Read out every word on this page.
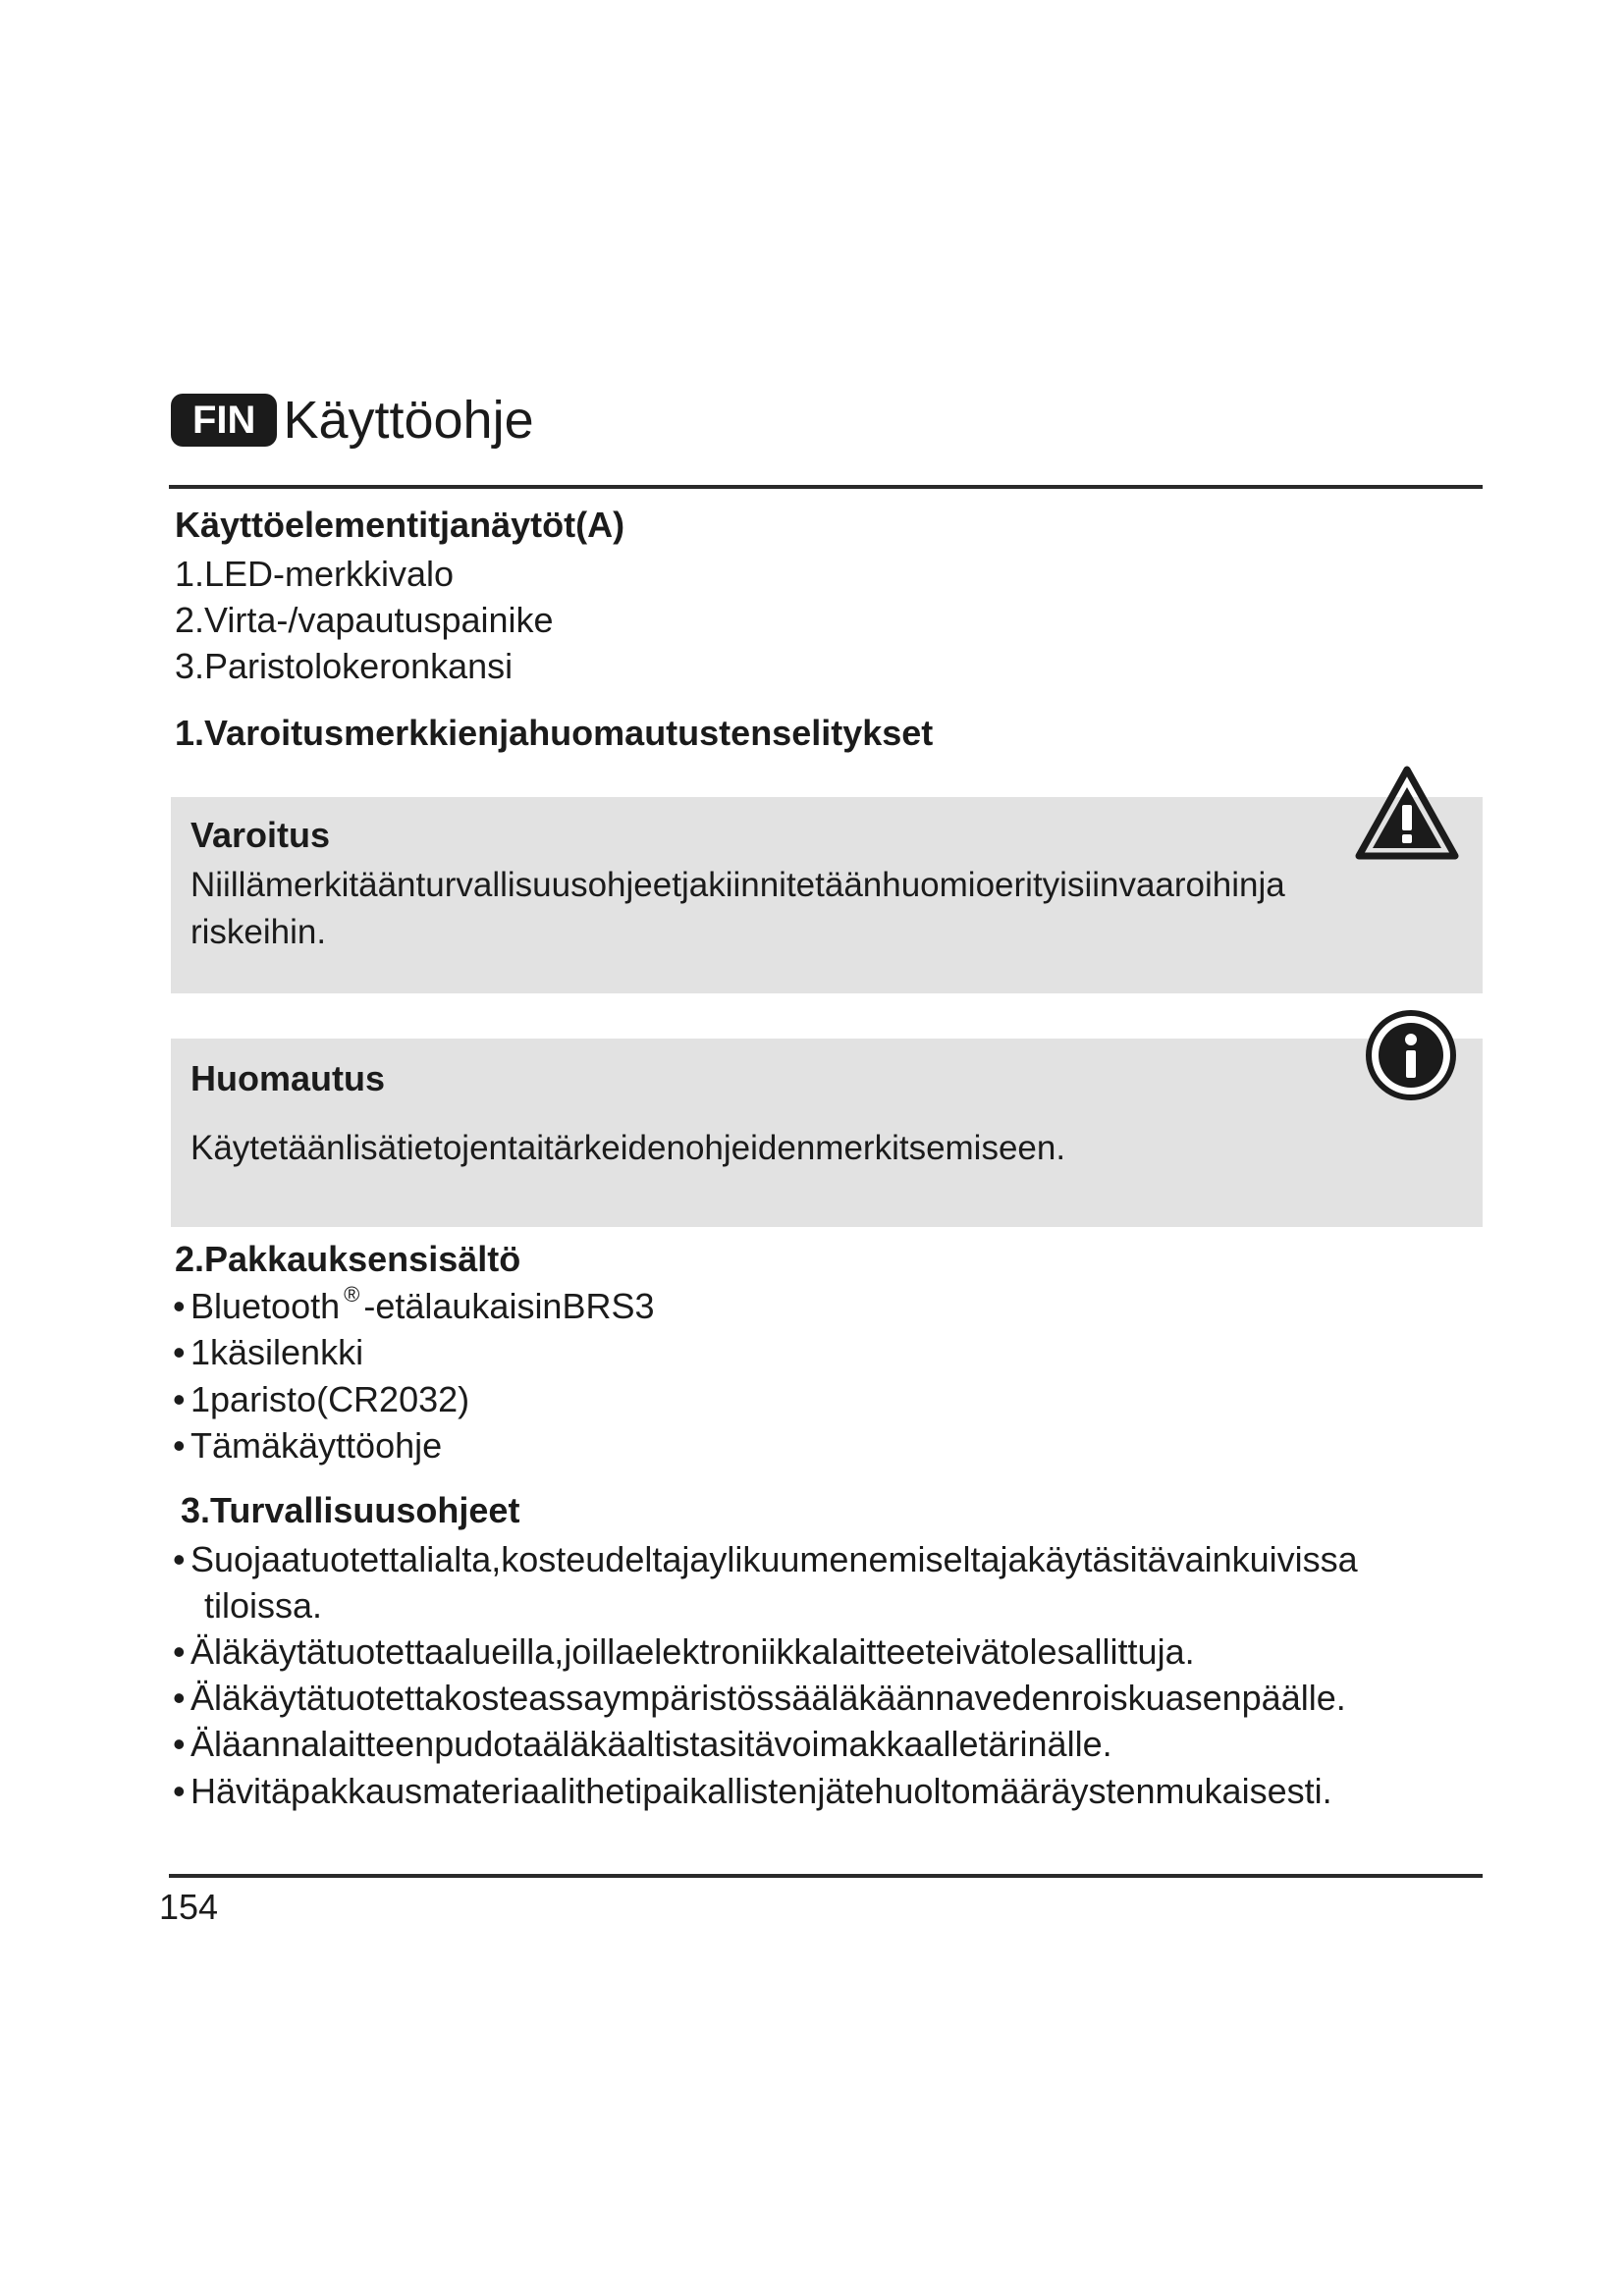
FIN Käyttöohje
Käyttöelementitjanäytöt(A)
1.LED-merkkivalo
2.Virta-/vapautuspainike
3.Paristolokeronkansi
1.Varoitusmerkkienjahuomautustenselitykset
Varoitus
Niillämerkitäänturvallisuusohjeetjakiinnitetäänhuomioerityisiinvaaroihinja
riskeihin.
Huomautus
Käytetäänlisätietojentaitärkeidenohjeidenmerkitsemiseen.
2.Pakkauksensisältö
• Bluetooth ® -etälaukaisinBRS3
• 1käsilenkki
• 1paristo(CR2032)
• Tämäkäyttöohje
3.Turvallisuusohjeet
• Suojaatuotettalialta,kosteudeltajaylikuumenemiseltajakäytäsitävainkuivissa
tiloissa.
• Äläkäytätuotettaalueilla,joillaelektroniikkalaitteeteivätolesallittuja.
• Äläkäytätuotettakosteassaympäristössääläkäännavedenroiskuasenpäälle.
• Äläannalaitteenpudotaäläkäaltistasitävoimakkaalletärinälle.
• Hävitäpakkausmateriaalithetipaikallistenjätehuoltomääräystenmukaisesti.
154
